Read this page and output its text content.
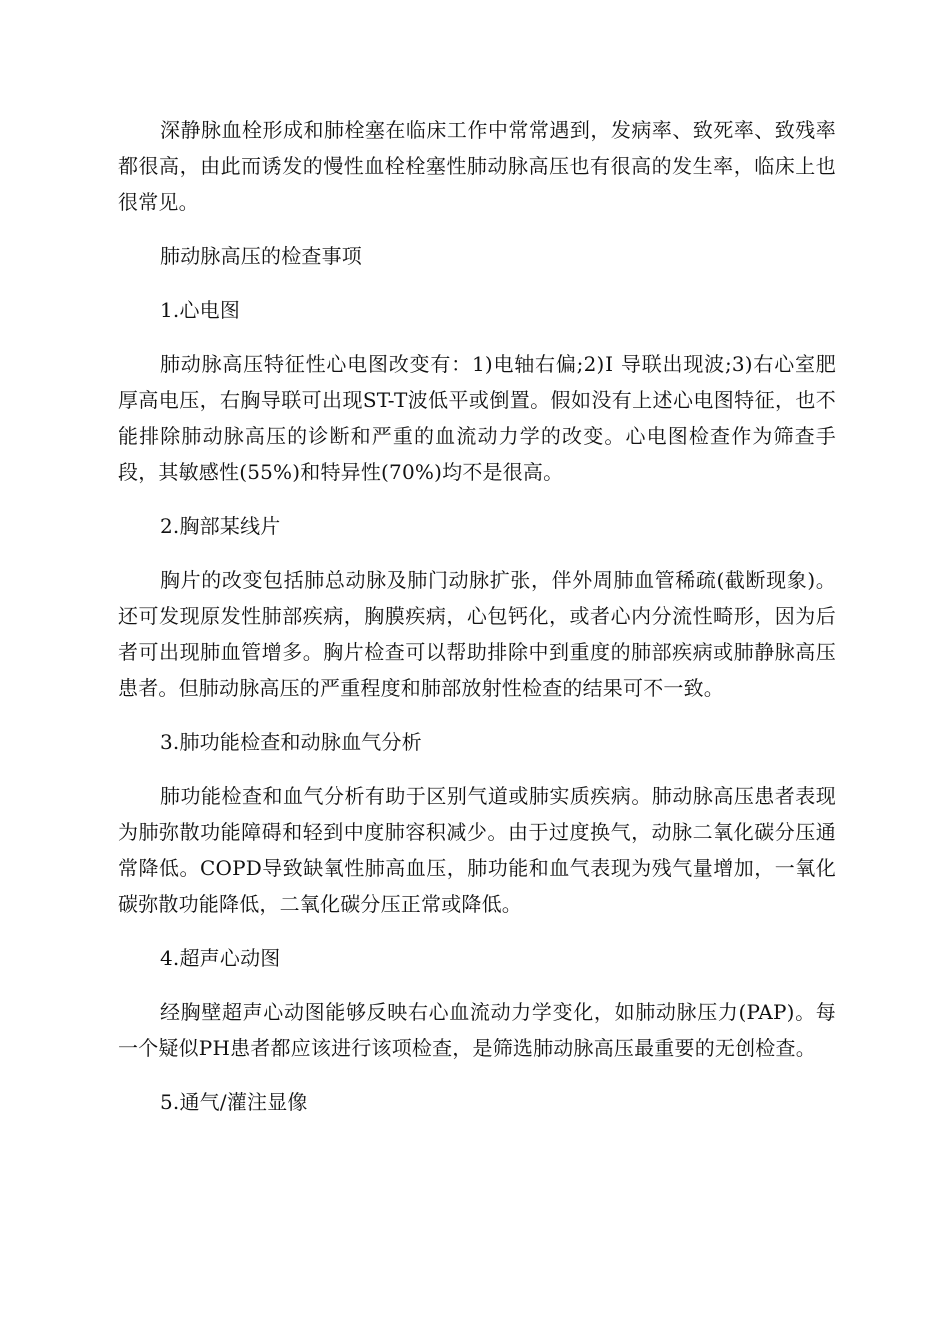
深静脉血栓形成和肺栓塞在临床工作中常常遇到，发病率、致死率、致残率都很高，由此而诱发的慢性血栓栓塞性肺动脉高压也有很高的发生率，临床上也很常见。

肺动脉高压的检查事项

1.心电图

肺动脉高压特征性心电图改变有：1)电轴右偏;2)Ⅰ 导联出现波;3)右心室肥厚高电压，右胸导联可出现ST-T波低平或倒置。假如没有上述心电图特征，也不能排除肺动脉高压的诊断和严重的血流动力学的改变。心电图检查作为筛查手段，其敏感性(55%)和特异性(70%)均不是很高。

2.胸部某线片

胸片的改变包括肺总动脉及肺门动脉扩张，伴外周肺血管稀疏(截断现象)。还可发现原发性肺部疾病，胸膜疾病，心包钙化，或者心内分流性畸形，因为后者可出现肺血管增多。胸片检查可以帮助排除中到重度的肺部疾病或肺静脉高压患者。但肺动脉高压的严重程度和肺部放射性检查的结果可不一致。

3.肺功能检查和动脉血气分析

肺功能检查和血气分析有助于区别气道或肺实质疾病。肺动脉高压患者表现为肺弥散功能障碍和轻到中度肺容积减少。由于过度换气，动脉二氧化碳分压通常降低。COPD导致缺氧性肺高血压，肺功能和血气表现为残气量增加，一氧化碳弥散功能降低，二氧化碳分压正常或降低。

4.超声心动图

经胸壁超声心动图能够反映右心血流动力学变化，如肺动脉压力(PAP)。每一个疑似PH患者都应该进行该项检查，是筛选肺动脉高压最重要的无创检查。

5.通气/灌注显像
